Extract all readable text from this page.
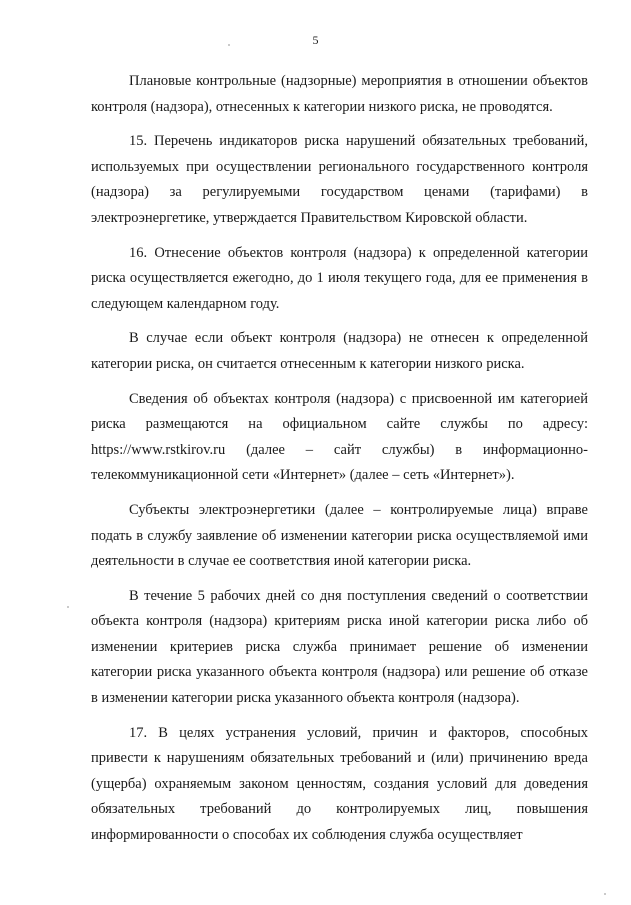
5

Плановые контрольные (надзорные) мероприятия в отношении объектов контроля (надзора), отнесенных к категории низкого риска, не проводятся.

15. Перечень индикаторов риска нарушений обязательных требований, используемых при осуществлении регионального государственного контроля (надзора) за регулируемыми государством ценами (тарифами) в электроэнергетике, утверждается Правительством Кировской области.

16. Отнесение объектов контроля (надзора) к определенной категории риска осуществляется ежегодно, до 1 июля текущего года, для ее применения в следующем календарном году.

В случае если объект контроля (надзора) не отнесен к определенной категории риска, он считается отнесенным к категории низкого риска.

Сведения об объектах контроля (надзора) с присвоенной им категорией риска размещаются на официальном сайте службы по адресу: https://www.rstkirov.ru (далее – сайт службы) в информационно-телекоммуникационной сети «Интернет» (далее – сеть «Интернет»).

Субъекты электроэнергетики (далее – контролируемые лица) вправе подать в службу заявление об изменении категории риска осуществляемой ими деятельности в случае ее соответствия иной категории риска.

В течение 5 рабочих дней со дня поступления сведений о соответствии объекта контроля (надзора) критериям риска иной категории риска либо об изменении критериев риска служба принимает решение об изменении категории риска указанного объекта контроля (надзора) или решение об отказе в изменении категории риска указанного объекта контроля (надзора).

17. В целях устранения условий, причин и факторов, способных привести к нарушениям обязательных требований и (или) причинению вреда (ущерба) охраняемым законом ценностям, создания условий для доведения обязательных требований до контролируемых лиц, повышения информированности о способах их соблюдения служба осуществляет
